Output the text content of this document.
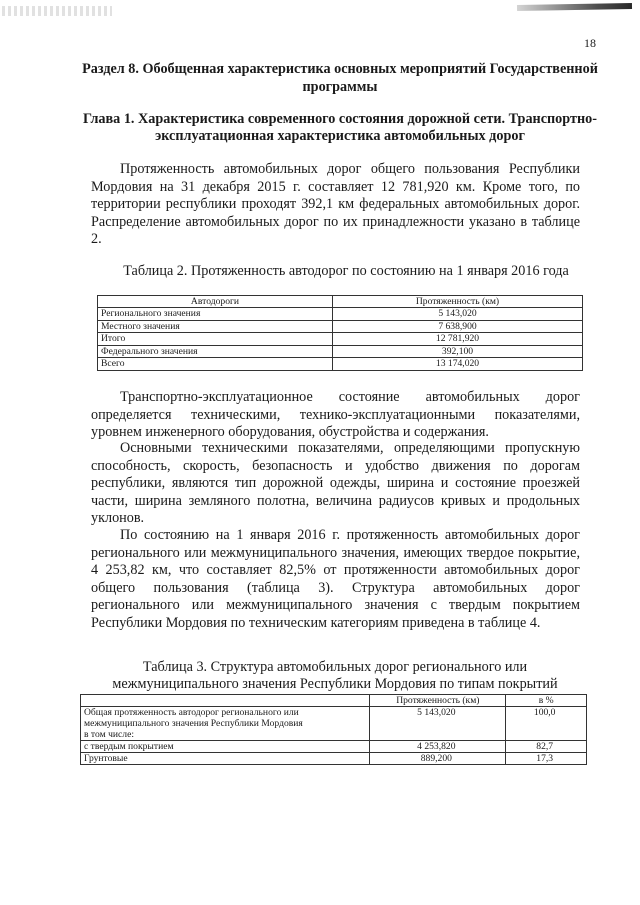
18
Раздел 8. Обобщенная характеристика основных мероприятий Государственной программы
Глава 1. Характеристика современного состояния дорожной сети. Транспортно-эксплуатационная характеристика автомобильных дорог

Протяженность автомобильных дорог общего пользования Республики Мордовия на 31 декабря 2015 г. составляет 12 781,920 км. Кроме того, по территории республики проходят 392,1 км федеральных автомобильных дорог. Распределение автомобильных дорог по их принадлежности указано в таблице 2.

Таблица 2. Протяженность автодорог по состоянию на 1 января 2016 года

Автодороги	Протяженность (км)
Регионального значения	5 143,020
Местного значения	7 638,900
Итого	12 781,920
Федерального значения	392,100
Всего	13 174,020

Транспортно-эксплуатационное состояние автомобильных дорог определяется техническими, технико-эксплуатационными показателями, уровнем инженерного оборудования, обустройства и содержания.

Основными техническими показателями, определяющими пропускную способность, скорость, безопасность и удобство движения по дорогам республики, являются тип дорожной одежды, ширина и состояние проезжей части, ширина земляного полотна, величина радиусов кривых и продольных уклонов.

По состоянию на 1 января 2016 г. протяженность автомобильных дорог регионального или межмуниципального значения, имеющих твердое покрытие, 4 253,82 км, что составляет 82,5% от протяженности автомобильных дорог общего пользования (таблица 3). Структура автомобильных дорог регионального или межмуниципального значения с твердым покрытием Республики Мордовия по техническим категориям приведена в таблице 4.

Таблица 3. Структура автомобильных дорог регионального или межмуниципального значения Республики Мордовия по типам покрытий

	Протяженность (км)	в %

Общая протяженность автодорог регионального или межмуниципального значения Республики Мордовия
в том числе:	5 143,020	100,0
с твердым покрытием	4 253,820	82,7
Грунтовые	889,200	17,3
